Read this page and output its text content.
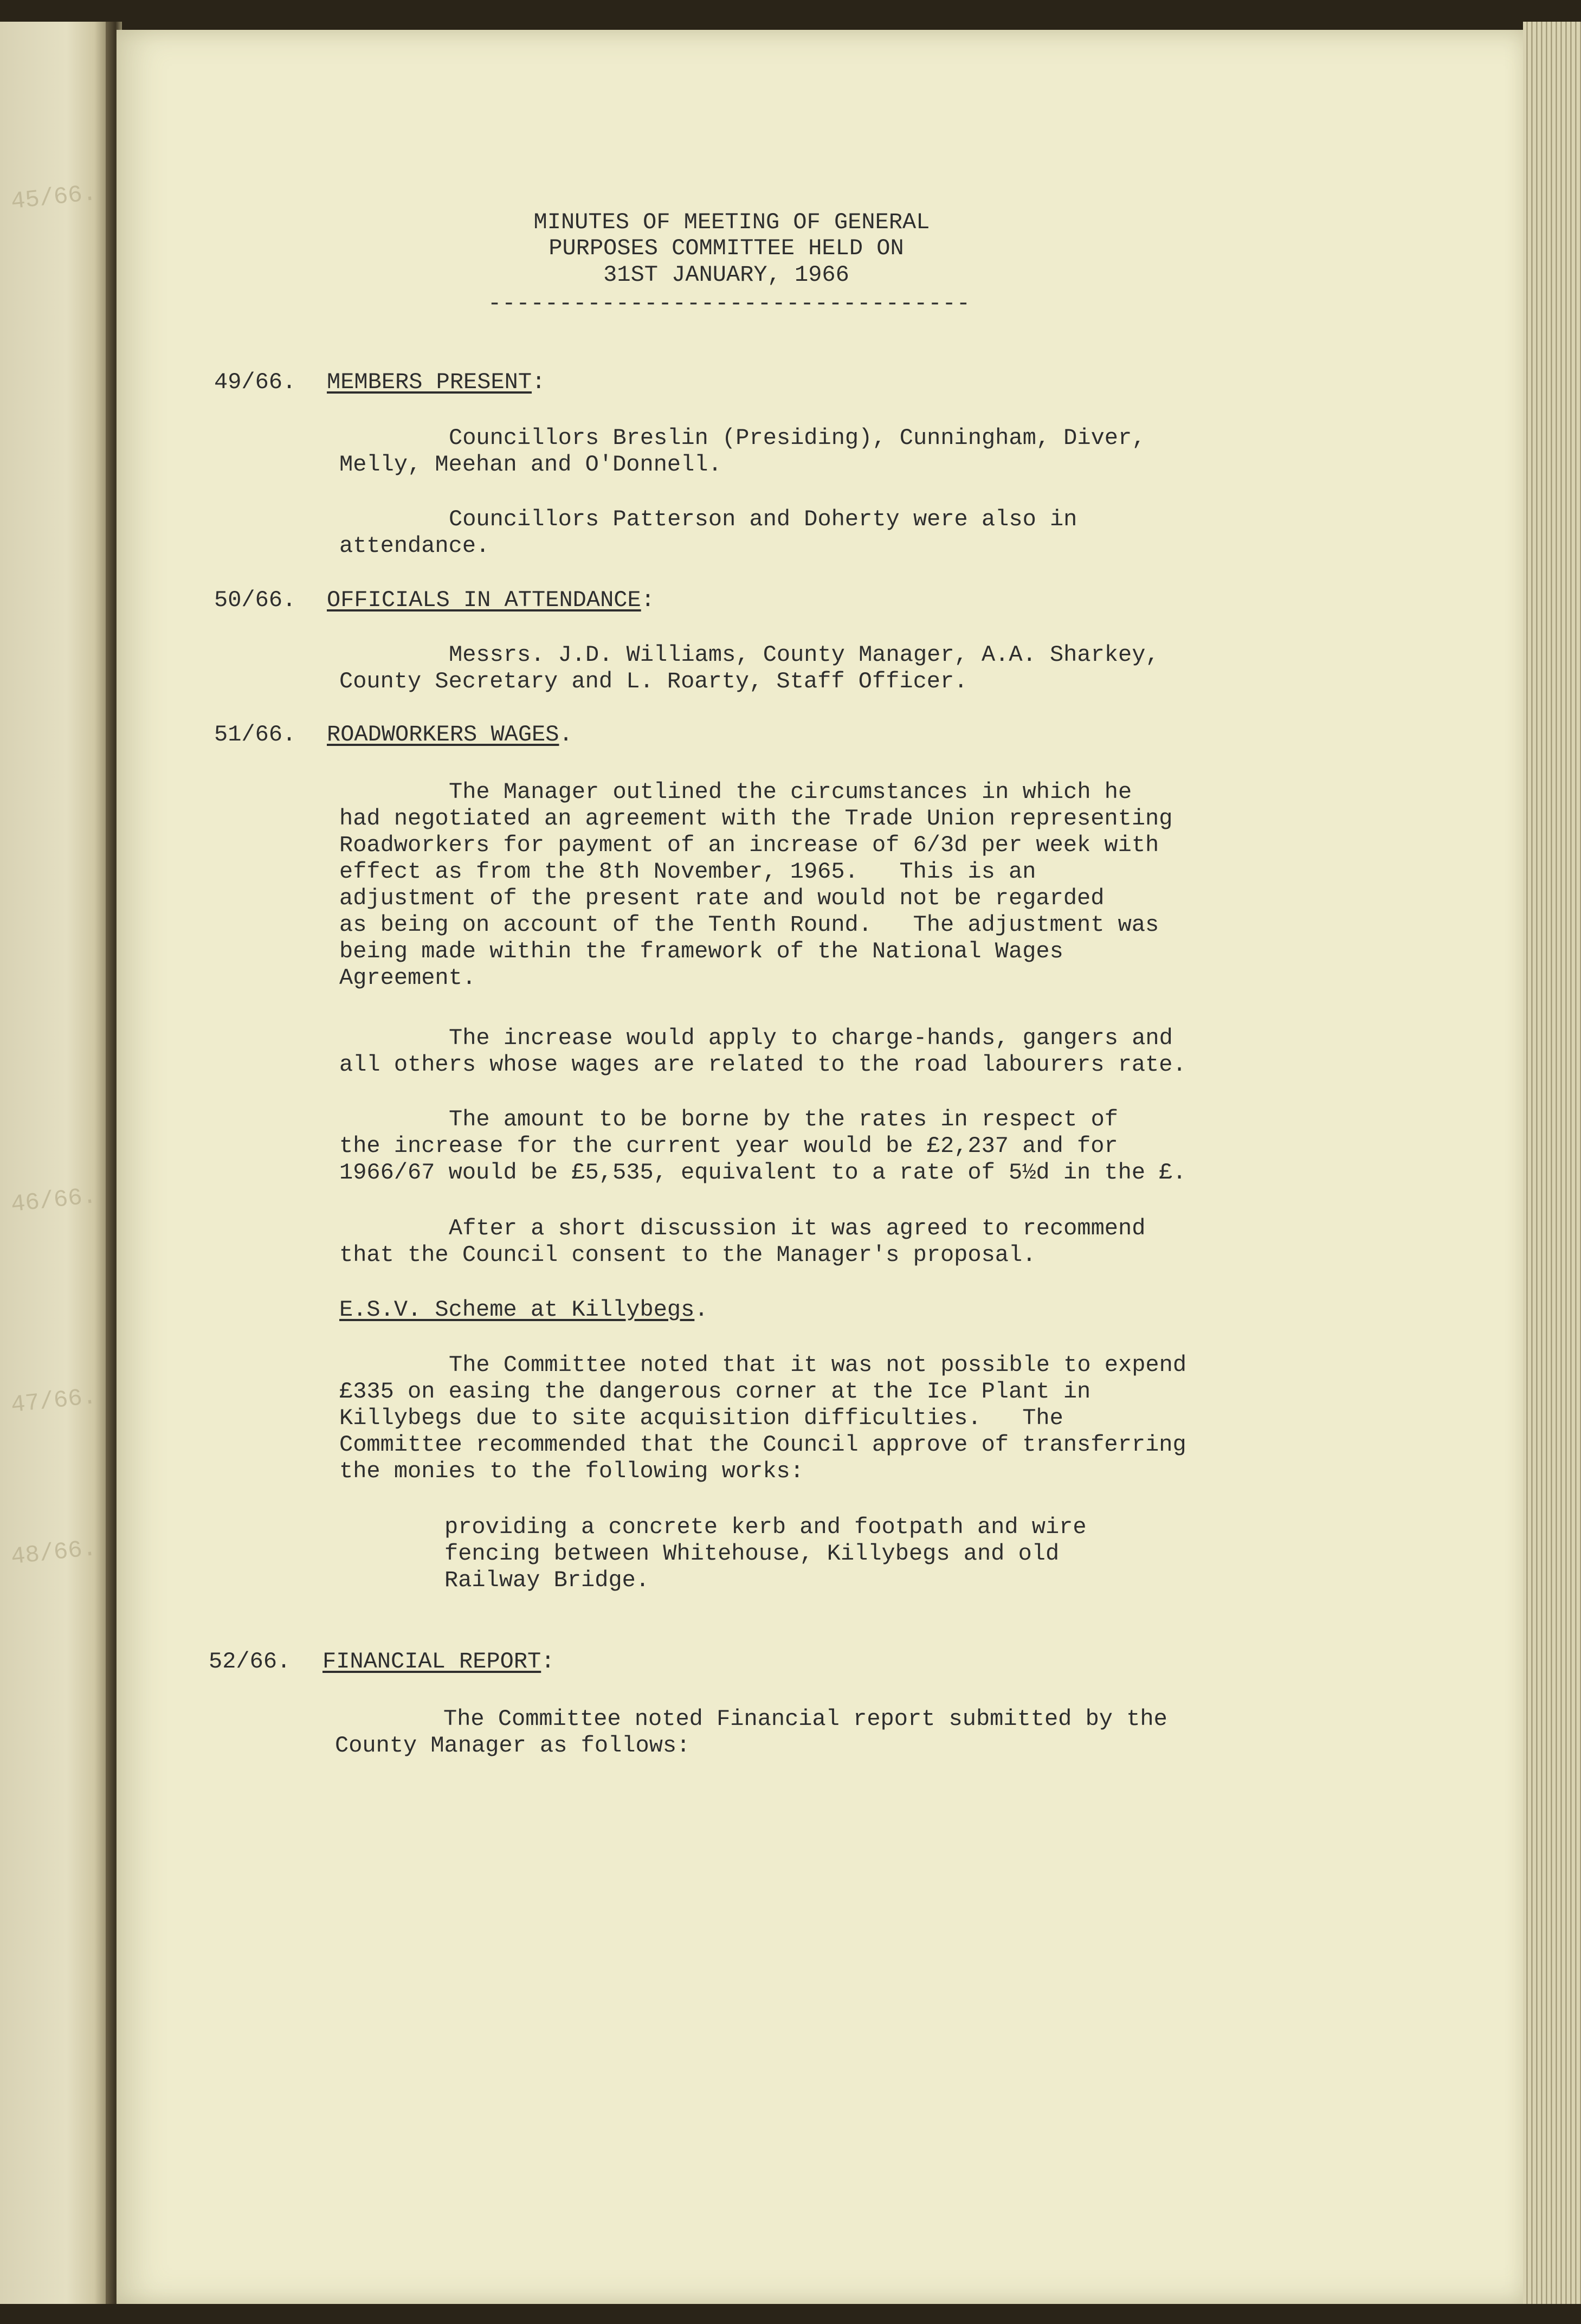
45/66.
46/66.
47/66.
48/66.
MINUTES OF MEETING OF GENERAL
PURPOSES COMMITTEE HELD ON
31ST JANUARY, 1966
----------------------------------
49/66. MEMBERS PRESENT:
Councillors Breslin (Presiding), Cunningham, Diver,
Melly, Meehan and O'Donnell.
Councillors Patterson and Doherty were also in
attendance.
50/66. OFFICIALS IN ATTENDANCE:
Messrs. J.D. Williams, County Manager, A.A. Sharkey,
County Secretary and L. Roarty, Staff Officer.
51/66. ROADWORKERS WAGES.
The Manager outlined the circumstances in which he
had negotiated an agreement with the Trade Union representing
Roadworkers for payment of an increase of 6/3d per week with
effect as from the 8th November, 1965.   This is an
adjustment of the present rate and would not be regarded
as being on account of the Tenth Round.   The adjustment was
being made within the framework of the National Wages
Agreement.
The increase would apply to charge-hands, gangers and
all others whose wages are related to the road labourers rate.
The amount to be borne by the rates in respect of
the increase for the current year would be £2,237 and for
1966/67 would be £5,535, equivalent to a rate of 5½d in the £.
After a short discussion it was agreed to recommend
that the Council consent to the Manager's proposal.
E.S.V. Scheme at Killybegs.
The Committee noted that it was not possible to expend
£335 on easing the dangerous corner at the Ice Plant in
Killybegs due to site acquisition difficulties.   The
Committee recommended that the Council approve of transferring
the monies to the following works:
providing a concrete kerb and footpath and wire
fencing between Whitehouse, Killybegs and old
Railway Bridge.
52/66. FINANCIAL REPORT:
The Committee noted Financial report submitted by the
County Manager as follows:
